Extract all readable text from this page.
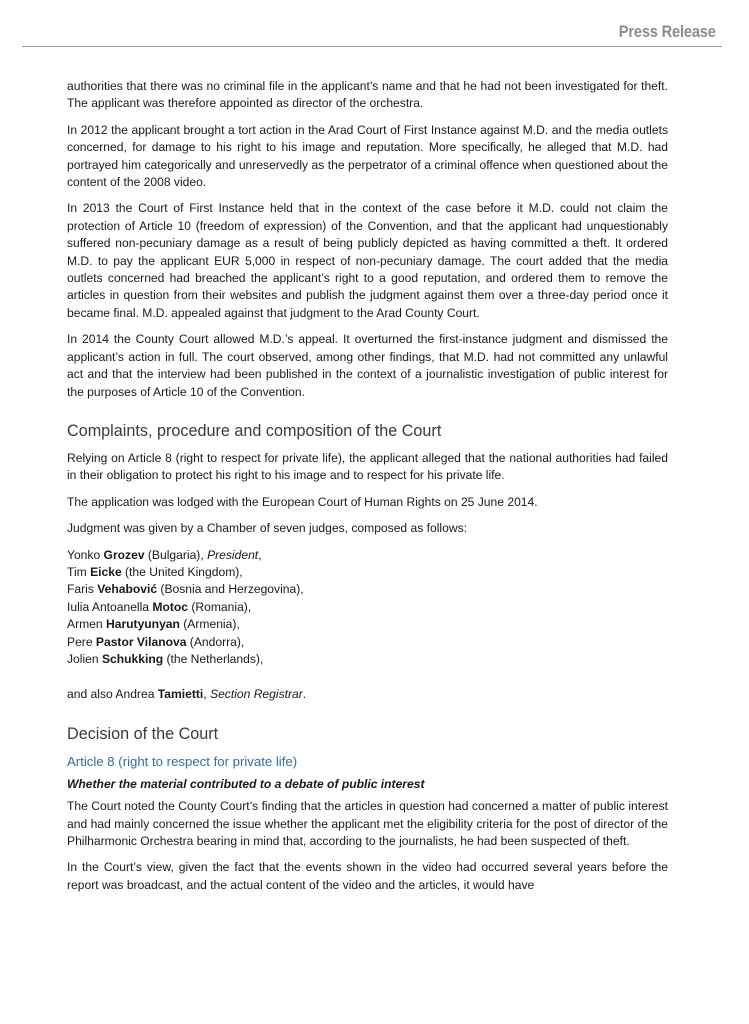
Press Release

authorities that there was no criminal file in the applicant’s name and that he had not been investigated for theft. The applicant was therefore appointed as director of the orchestra.

In 2012 the applicant brought a tort action in the Arad Court of First Instance against M.D. and the media outlets concerned, for damage to his right to his image and reputation. More specifically, he alleged that M.D. had portrayed him categorically and unreservedly as the perpetrator of a criminal offence when questioned about the content of the 2008 video.

In 2013 the Court of First Instance held that in the context of the case before it M.D. could not claim the protection of Article 10 (freedom of expression) of the Convention, and that the applicant had unquestionably suffered non-pecuniary damage as a result of being publicly depicted as having committed a theft. It ordered M.D. to pay the applicant EUR 5,000 in respect of non-pecuniary damage. The court added that the media outlets concerned had breached the applicant’s right to a good reputation, and ordered them to remove the articles in question from their websites and publish the judgment against them over a three-day period once it became final. M.D. appealed against that judgment to the Arad County Court.

In 2014 the County Court allowed M.D.’s appeal. It overturned the first-instance judgment and dismissed the applicant’s action in full. The court observed, among other findings, that M.D. had not committed any unlawful act and that the interview had been published in the context of a journalistic investigation of public interest for the purposes of Article 10 of the Convention.

Complaints, procedure and composition of the Court

Relying on Article 8 (right to respect for private life), the applicant alleged that the national authorities had failed in their obligation to protect his right to his image and to respect for his private life.

The application was lodged with the European Court of Human Rights on 25 June 2014.

Judgment was given by a Chamber of seven judges, composed as follows:

Yonko Grozev (Bulgaria), President,
Tim Eicke (the United Kingdom),
Faris Vehabović (Bosnia and Herzegovina),
Iulia Antoanella Motoc (Romania),
Armen Harutyunyan (Armenia),
Pere Pastor Vilanova (Andorra),
Jolien Schukking (the Netherlands),
and also Andrea Tamietti, Section Registrar.
Decision of the Court
Article 8 (right to respect for private life)
Whether the material contributed to a debate of public interest

The Court noted the County Court’s finding that the articles in question had concerned a matter of public interest and had mainly concerned the issue whether the applicant met the eligibility criteria for the post of director of the Philharmonic Orchestra bearing in mind that, according to the journalists, he had been suspected of theft.

In the Court’s view, given the fact that the events shown in the video had occurred several years before the report was broadcast, and the actual content of the video and the articles, it would have
